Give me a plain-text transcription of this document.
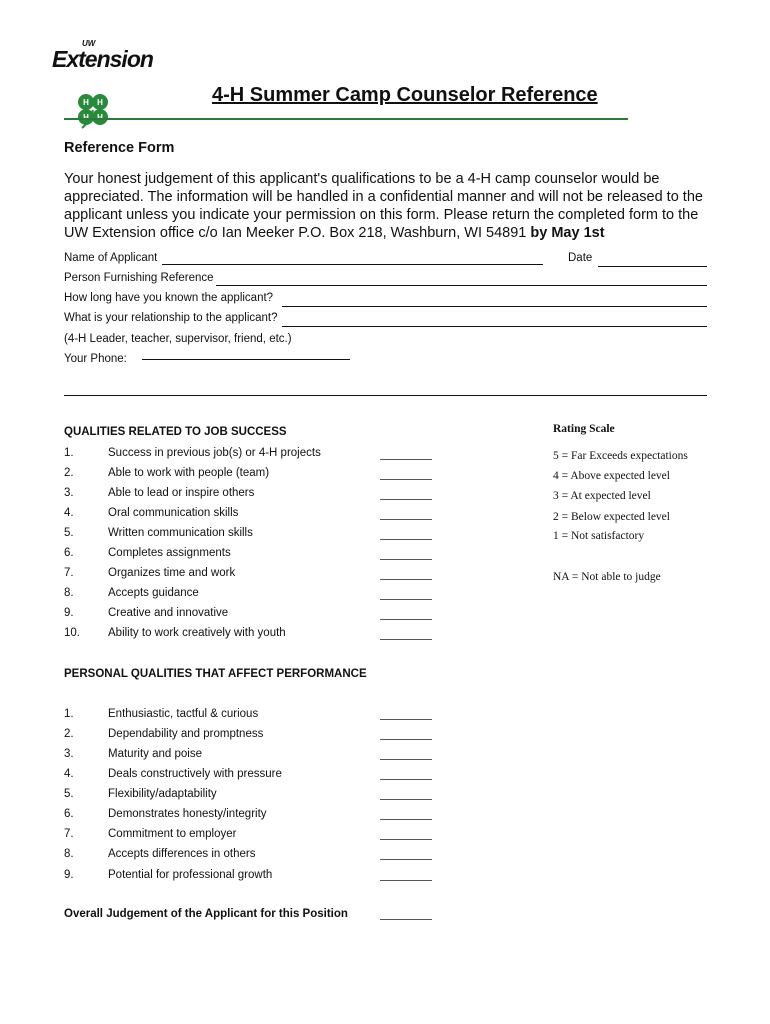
UW
Extension
H H	4-H Summer Camp Counselor Reference
Reference Form
Your honest judgement of this applicant's qualifications to be a 4-H camp counselor would be appreciated. The information will be handled in a confidential manner and will not be released to the applicant unless you indicate your permission on this form. Please return the completed form to the UW Extension office c/o Ian Meeker P.O. Box 218, Washburn, WI 54891 by May 1st
Name of Applicant	Date
Person Furnishing Reference
How long have you known the applicant?
What is your relationship to the applicant?
(4-H Leader, teacher, supervisor, friend, etc.)
Your Phone:
QUALITIES RELATED TO JOB SUCCESS
1.	Success in previous job(s) or 4-H projects
2.	Able to work with people (team)
3.	Able to lead or inspire others
4.	Oral communication skills
5.	Written communication skills
6.	Completes assignments
7.	Organizes time and work
8.	Accepts guidance
9.	Creative and innovative
10. Ability to work creatively with youth
Rating Scale
5 = Far Exceeds expectations
4 = Above expected level
3 = At expected level
2 = Below expected level
1 = Not satisfactory
NA = Not able to judge
PERSONAL QUALITIES THAT AFFECT PERFORMANCE
1.	Enthusiastic, tactful & curious
2.	Dependability and promptness
3.	Maturity and poise
4.	Deals constructively with pressure
5.	Flexibility/adaptability
6.	Demonstrates honesty/integrity
7.	Commitment to employer
8.	Accepts differences in others
9.	Potential for professional growth
Overall Judgement of the Applicant for this Position
